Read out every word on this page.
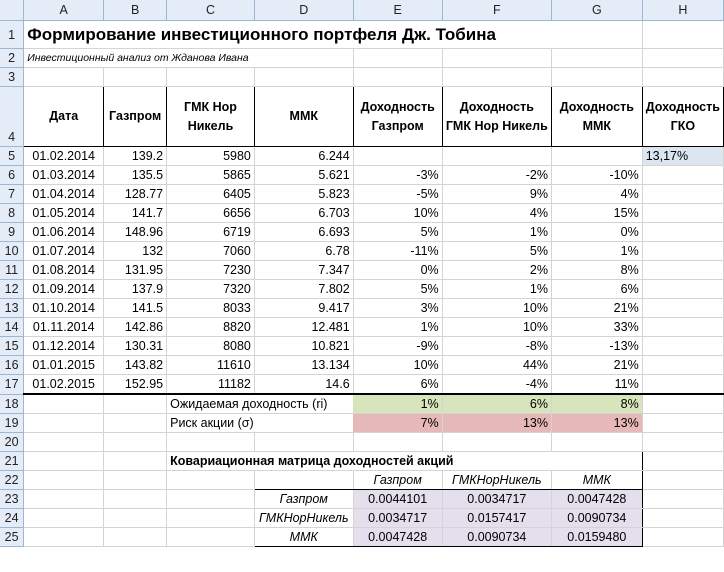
	A	B	C	D	E	F	G	H
1	Формирование инвестиционного портфеля Дж. Тобина							
2	Инвестиционный анализ от Жданова Ивана							
3								
4	Дата	Газпром	ГМК Нор Никель	ММК	Доходность Газпром	Доходность ГМК Нор Никель	Доходность ММК	Доходность ГКО
5	01.02.2014	139.2	5980	6.244				13,17%
6	01.03.2014	135.5	5865	5.621	-3%	-2%	-10%	
7	01.04.2014	128.77	6405	5.823	-5%	9%	4%	
8	01.05.2014	141.7	6656	6.703	10%	4%	15%	
9	01.06.2014	148.96	6719	6.693	5%	1%	0%	
10	01.07.2014	132	7060	6.78	-11%	5%	1%	
11	01.08.2014	131.95	7230	7.347	0%	2%	8%	
12	01.09.2014	137.9	7320	7.802	5%	1%	6%	
13	01.10.2014	141.5	8033	9.417	3%	10%	21%	
14	01.11.2014	142.86	8820	12.481	1%	10%	33%	
15	01.12.2014	130.31	8080	10.821	-9%	-8%	-13%	
16	01.01.2015	143.82	11610	13.134	10%	44%	21%	
17	01.02.2015	152.95	11182	14.6	6%	-4%	11%	
18			Ожидаемая доходность (ri)		1%	6%	8%	
19			Риск акции (σ)		7%	13%	13%	
20								
21			Ковариационная матрица доходностей акций					
22					Газпром	ГМКНорНикель	ММК	
23				Газпром	0.0044101	0.0034717	0.0047428	
24				ГМКНорНикель	0.0034717	0.0157417	0.0090734	
25				ММК	0.0047428	0.0090734	0.0159480	
